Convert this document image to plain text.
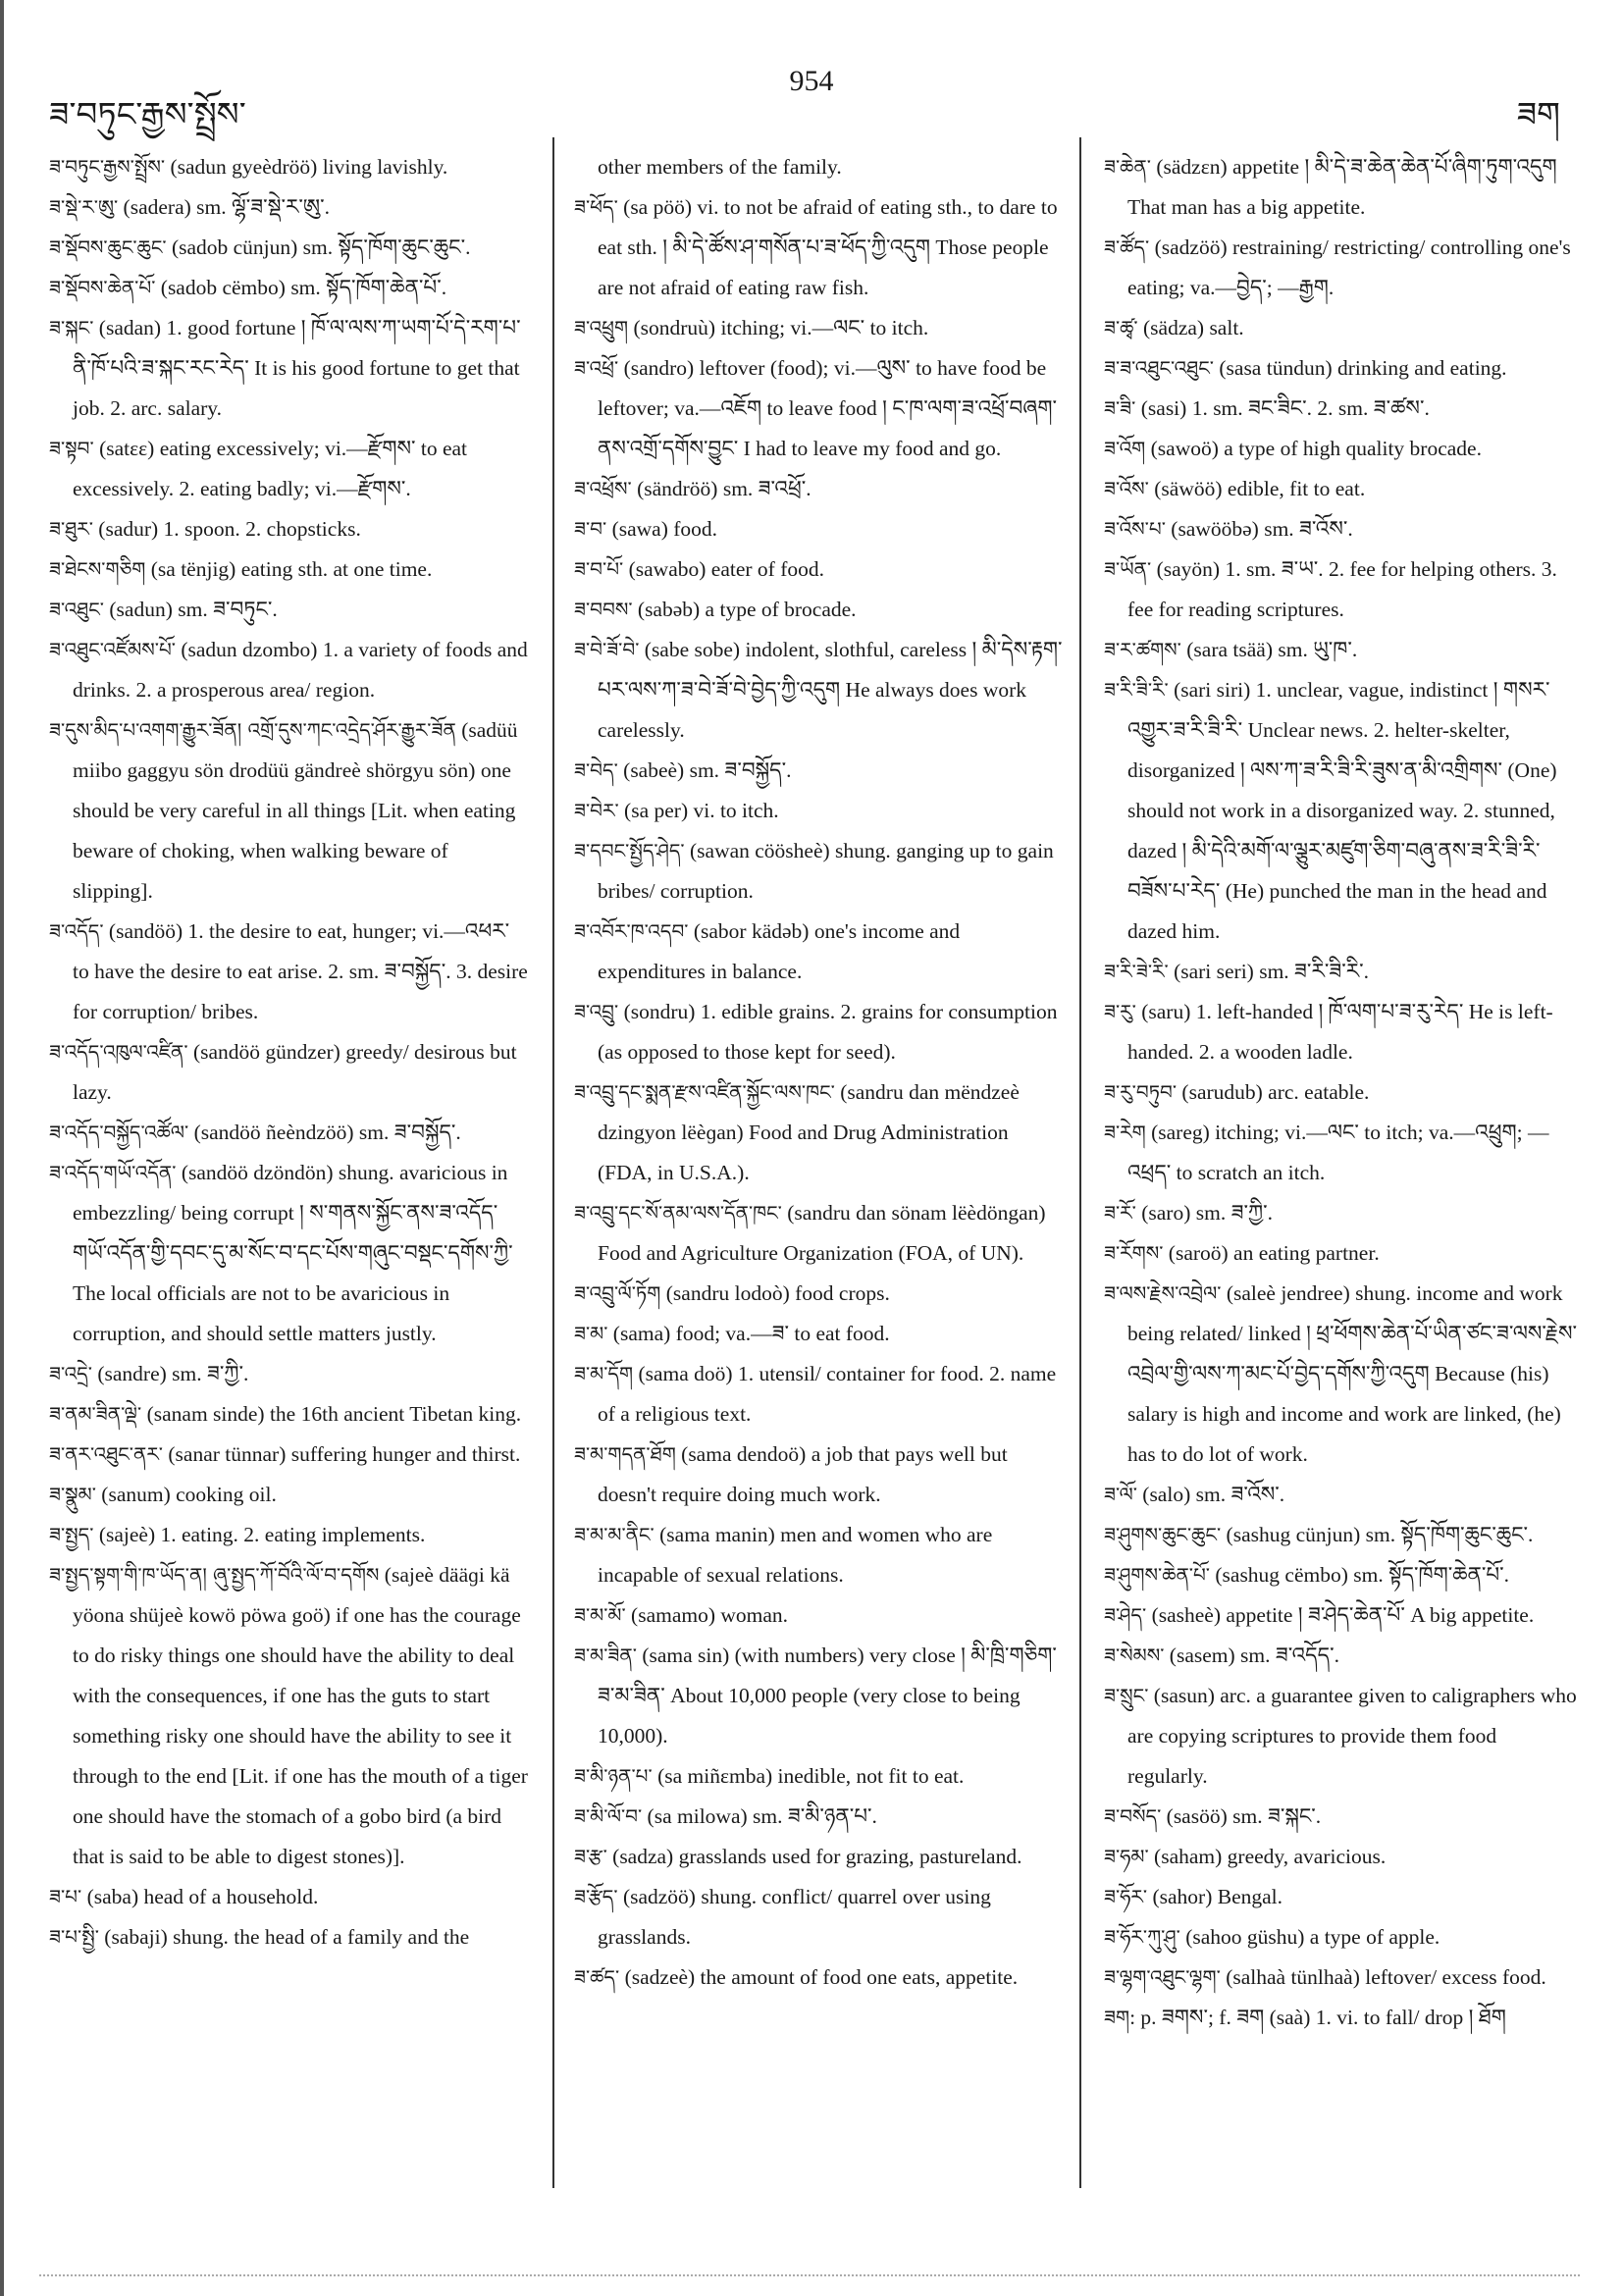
ཟ་བཏུང་རྒྱས་སྤྲོས་
954
ཟག

ཟ་བཏུང་རྒྱས་སྤྲོས་ (sadun gyeèdröö) living lavishly.

ཟ་སྡེ་ར་ཨུ་ (sadera) sm. ལྷོ་ཟ་སྡེ་ར་ཨུ་.

ཟ་སྡོབས་ཆུང་ཆུང་ (sadob cünjun) sm. སྟོད་ཁོག་ཆུང་ཆུང་.

ཟ་སྡོབས་ཆེན་པོ་ (sadob cëmbo) sm. སྟོད་ཁོག་ཆེན་པོ་.

ཟ་སྐང་ (sadan) 1. good fortune ། ཁོ་ལ་ལས་ཀ་ཡག་པོ་དེ་རག་པ་ནི་ཁོ་པའི་ཟ་སྐང་རང་རེད་ It is his good fortune to get that job. 2. arc. salary.

ཟ་སྟབ་ (satεε) eating excessively; vi.—རྫོགས་ to eat excessively. 2. eating badly; vi.—རྫོགས་.

ཟ་ཐུར་ (sadur) 1. spoon. 2. chopsticks.

ཟ་ཐེངས་གཅིག (sa tënjig) eating sth. at one time.

ཟ་འཐུང་ (sadun) sm. ཟ་བཏུང་.

ཟ་འཐུང་འཛོམས་པོ་ (sadun dzombo) 1. a variety of foods and drinks. 2. a prosperous area/ region.

ཟ་དུས་མིད་པ་འགག་རྒྱུར་ཟོན། འགྲོ་དུས་ཀང་འདྲེད་ཤོར་རྒྱུར་ཟོན (sadüü miibo gaggyu sön drodüü gändreè shörgyu sön) one should be very careful in all things [Lit. when eating beware of choking, when walking beware of slipping].

ཟ་འདོད་ (sandöö) 1. the desire to eat, hunger; vi.—འཕར་ to have the desire to eat arise. 2. sm. ཟ་བསྐྱོད་. 3. desire for corruption/ bribes.

ཟ་འདོད་འཁུལ་འཛིན་ (sandöö gündzer) greedy/ desirous but lazy.

ཟ་འདོད་བསྐྱོད་འཚོལ་ (sandöö ñeèndzöö) sm. ཟ་བསྐྱོད་.

ཟ་འདོད་གཡོ་འདོན་ (sandöö dzöndön) shung. avaricious in embezzling/ being corrupt ། ས་གནས་སྐྱོང་ནས་ཟ་འདོད་གཡོ་འདོན་གྱི་དབང་དུ་མ་སོང་བ་དང་པོས་གཞུང་བསྡང་དགོས་ཀྱི་ The local officials are not to be avaricious in corruption, and should settle matters justly.

ཟ་འདྲེ་ (sandre) sm. ཟ་ཀྱི་.

ཟ་ནམ་ཟིན་ལྡེ་ (sanam sinde) the 16th ancient Tibetan king.

ཟ་ནར་འཐུང་ནར་ (sanar tünnar) suffering hunger and thirst.

ཟ་སྣུམ་ (sanum) cooking oil.

ཟ་སྤྱད་ (sajeè) 1. eating. 2. eating implements.

ཟ་སྤྱད་སྟག་གི་ཁ་ཡོད་ན། ཞུ་སྤྱད་ཀོ་བོའི་ལོ་བ་དགོས (sajeè dääɡi kä yöona shüjeè kowö pöwa goö) if one has the courage to do risky things one should have the ability to deal with the consequences, if one has the guts to start something risky one should have the ability to see it through to the end [Lit. if one has the mouth of a tiger one should have the stomach of a gobo bird (a bird that is said to be able to digest stones)].

ཟ་པ་ (saba) head of a household.

ཟ་པ་སྤྱི་ (sabaji) shung. the head of a family and the

other members of the family.

ཟ་ཕོད་ (sa pöö) vi. to not be afraid of eating sth., to dare to eat sth. ། མི་དེ་ཚོས་ཤ་གསོན་པ་ཟ་ཕོད་ཀྱི་འདུག Those people are not afraid of eating raw fish.

ཟ་འཕྲུག (sondruù) itching; vi.—ལང་ to itch.

ཟ་འཕྲོ་ (sandro) leftover (food); vi.—ལུས་ to have food be leftover; va.—འཇོག to leave food ། ང་ཁ་ལག་ཟ་འཕྲོ་བཞག་ནས་འགྲོ་དགོས་བྱུང་ I had to leave my food and go.

ཟ་འཕྲོས་ (sändröö) sm. ཟ་འཕྲོ་.

ཟ་བ་ (sawa) food.

ཟ་བ་པོ་ (sawabo) eater of food.

ཟ་བབས་ (sabəb) a type of brocade.

ཟ་བེ་ཟོ་བེ་ (sabe sobe) indolent, slothful, careless ། མི་དེས་རྟག་པར་ལས་ཀ་ཟ་བེ་ཟོ་བེ་བྱེད་ཀྱི་འདུག He always does work carelessly.

ཟ་བེད་ (sabeè) sm. ཟ་བསྐྱོད་.

ཟ་བེར་ (sa per) vi. to itch.

ཟ་དབང་སྤྱོད་ཤེད་ (sawan cöösheè) shung. ganging up to gain bribes/ corruption.

ཟ་འབོར་ཁ་འདབ་ (sabor kädəb) one's income and expenditures in balance.

ཟ་འབྲུ་ (sondru) 1. edible grains. 2. grains for consumption (as opposed to those kept for seed).

ཟ་འབྲུ་དང་སྨན་རྫས་འཛིན་སྐྱོང་ལས་ཁང་ (sandru dan mëndzeè dzingyon lëèɡan) Food and Drug Administration (FDA, in U.S.A.).

ཟ་འབྲུ་དང་སོ་ནམ་ལས་དོན་ཁང་ (sandru dan sönam lëèdöngan) Food and Agriculture Organization (FOA, of UN).

ཟ་འབྲུ་ལོ་ཏོག (sandru lodoò) food crops.

ཟ་མ་ (sama) food; va.—ཟ་ to eat food.

ཟ་མ་དོག (sama doö) 1. utensil/ container for food. 2. name of a religious text.

ཟ་མ་གདན་ཐོག (sama dendoö) a job that pays well but doesn't require doing much work.

ཟ་མ་མ་ནིང་ (sama manin) men and women who are incapable of sexual relations.

ཟ་མ་མོ་ (samamo) woman.

ཟ་མ་ཟིན་ (sama sin) (with numbers) very close ། མི་ཁྲི་གཅིག་ཟ་མ་ཟིན་ About 10,000 people (very close to being 10,000).

ཟ་མི་ཉན་པ་ (sa miñεmba) inedible, not fit to eat.

ཟ་མི་ལོ་བ་ (sa milowa) sm. ཟ་མི་ཉན་པ་.

ཟ་རྩ་ (sadza) grasslands used for grazing, pastureland.

ཟ་རྩོད་ (sadzöö) shung. conflict/ quarrel over using grasslands.

ཟ་ཚད་ (sadzeè) the amount of food one eats, appetite.

ཟ་ཆེན་ (sädzεn) appetite ། མི་དེ་ཟ་ཆེན་ཆེན་པོ་ཞིག་ཏུག་འདུག That man has a big appetite.

ཟ་ཚོད་ (sadzöö) restraining/ restricting/ controlling one's eating; va.—བྱེད་; —རྒྱག.

ཟ་ཚྭ་ (sädza) salt.

ཟ་ཟ་འཐུང་འཐུང་ (sasa tündun) drinking and eating.

ཟ་ཟི་ (sasi) 1. sm. ཟང་ཟིང་. 2. sm. ཟ་ཚས་.

ཟ་འོག (sawoö) a type of high quality brocade.

ཟ་འོས་ (säwöö) edible, fit to eat.

ཟ་འོས་པ་ (sawööbə) sm. ཟ་འོས་.

ཟ་ཡོན་ (sayön) 1. sm. ཟ་ཡ་. 2. fee for helping others. 3. fee for reading scriptures.

ཟ་ར་ཚགས་ (sara tsää) sm. ཡུ་ཁ་.

ཟ་རི་ཟི་རི་ (sari siri) 1. unclear, vague, indistinct ། གསར་འགྱུར་ཟ་རི་ཟི་རི་ Unclear news. 2. helter-skelter, disorganized ། ལས་ཀ་ཟ་རི་ཟི་རི་ཟུས་ན་མི་འགྲིགས་ (One) should not work in a disorganized way. 2. stunned, dazed ། མི་དེའི་མགོ་ལ་ལྕུར་མཛུག་ཅིག་བཞུ་ནས་ཟ་རི་ཟི་རི་བཟོས་པ་རེད་ (He) punched the man in the head and dazed him.

ཟ་རི་ཟེ་རི་ (sari seri) sm. ཟ་རི་ཟི་རི་.

ཟ་རུ་ (saru) 1. left-handed ། ཁོ་ལག་པ་ཟ་རུ་རེད་ He is left-handed. 2. a wooden ladle.

ཟ་རུ་བཏུབ་ (sarudub) arc. eatable.

ཟ་རེག (sareg) itching; vi.—ལང་ to itch; va.—འཕྲུག; —འཕྲད་ to scratch an itch.

ཟ་རོ་ (saro) sm. ཟ་ཀྱི་.

ཟ་རོགས་ (saroö) an eating partner.

ཟ་ལས་རྗེས་འབྲེལ་ (saleè jendree) shung. income and work being related/ linked ། ཕྲ་ཕོགས་ཆེན་པོ་ཡིན་ཙང་ཟ་ལས་རྗེས་འབྲེལ་གྱི་ལས་ཀ་མང་པོ་བྱེད་དགོས་ཀྱི་འདུག Because (his) salary is high and income and work are linked, (he) has to do lot of work.

ཟ་ལོ་ (salo) sm. ཟ་འོས་.

ཟ་ཤུགས་ཆུང་ཆུང་ (sashug cünjun) sm. སྟོད་ཁོག་ཆུང་ཆུང་.

ཟ་ཤུགས་ཆེན་པོ་ (sashug cëmbo) sm. སྟོད་ཁོག་ཆེན་པོ་.

ཟ་ཤེད་ (sasheè) appetite ། ཟ་ཤེད་ཆེན་པོ་ A big appetite.

ཟ་སེམས་ (sasem) sm. ཟ་འདོད་.

ཟ་སྲུང་ (sasun) arc. a guarantee given to caligraphers who are copying scriptures to provide them food regularly.

ཟ་བསོད་ (sasöö) sm. ཟ་སྐང་.

ཟ་ཧམ་ (saham) greedy, avaricious.

ཟ་ཧོར་ (sahor) Bengal.

ཟ་ཧོར་ཀུ་ཤུ་ (sahoo güshu) a type of apple.

ཟ་ལྷག་འཐུང་ལྷག་ (salhaà tünlhaà) leftover/ excess food.

ཟག: p. ཟགས་; f. ཟག (saà) 1. vi. to fall/ drop ། ཐོག
